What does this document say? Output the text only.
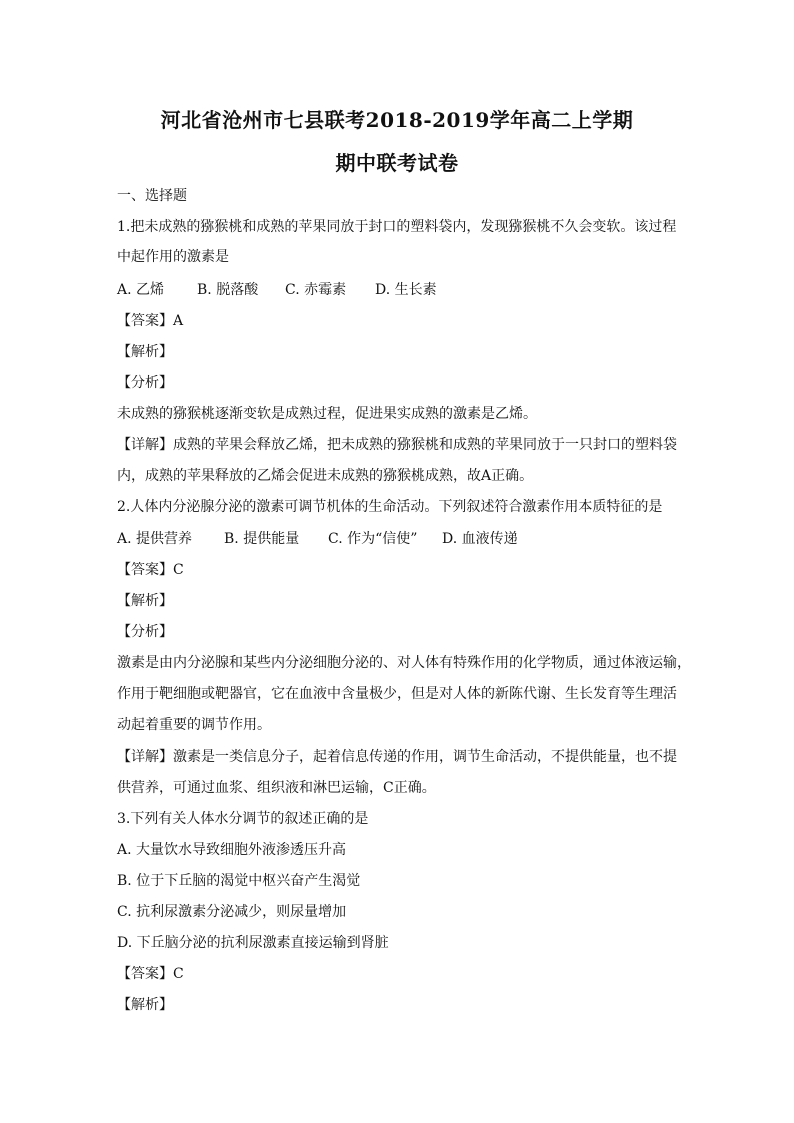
河北省沧州市七县联考2018-2019学年高二上学期
期中联考试卷
一、选择题
1.把未成熟的猕猴桃和成熟的苹果同放于封口的塑料袋内，发现猕猴桃不久会变软。该过程
中起作用的激素是
A. 乙烯 B. 脱落酸 C. 赤霉素 D. 生长素
【答案】A
【解析】
【分析】
未成熟的猕猴桃逐渐变软是成熟过程，促进果实成熟的激素是乙烯。
【详解】成熟的苹果会释放乙烯，把未成熟的猕猴桃和成熟的苹果同放于一只封口的塑料袋
内，成熟的苹果释放的乙烯会促进未成熟的猕猴桃成熟，故A正确。
2.人体内分泌腺分泌的激素可调节机体的生命活动。下列叙述符合激素作用本质特征的是
A. 提供营养 B. 提供能量 C. 作为“信使” D. 血液传递
【答案】C
【解析】
【分析】
激素是由内分泌腺和某些内分泌细胞分泌的、对人体有特殊作用的化学物质，通过体液运输，
作用于靶细胞或靶器官，它在血液中含量极少，但是对人体的新陈代谢、生长发育等生理活
动起着重要的调节作用。
【详解】激素是一类信息分子，起着信息传递的作用，调节生命活动，不提供能量，也不提
供营养，可通过血浆、组织液和淋巴运输，C正确。
3.下列有关人体水分调节的叙述正确的是
A. 大量饮水导致细胞外液渗透压升高
B. 位于下丘脑的渴觉中枢兴奋产生渴觉
C. 抗利尿激素分泌减少，则尿量增加
D. 下丘脑分泌的抗利尿激素直接运输到肾脏
【答案】C
【解析】
